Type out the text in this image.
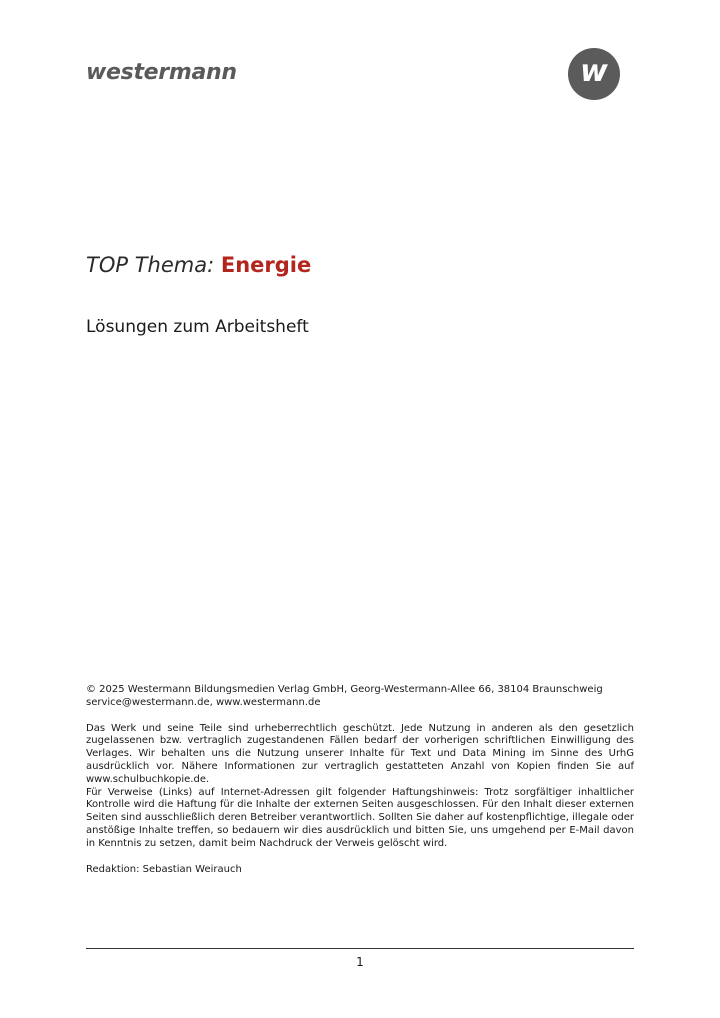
westermann	w
TOP Thema: Energie
Lösungen zum Arbeitsheft

© 2025 Westermann Bildungsmedien Verlag GmbH, Georg-Westermann-Allee 66, 38104 Braunschweig

service@westermann.de, www.westermann.de

Das Werk und seine Teile sind urheberrechtlich geschützt. Jede Nutzung in anderen als den gesetzlich zugelassenen bzw. vertraglich zugestandenen Fällen bedarf der vorherigen schriftlichen Einwilligung des Verlages. Wir behalten uns die Nutzung unserer Inhalte für Text und Data Mining im Sinne des UrhG ausdrücklich vor. Nähere Informationen zur vertraglich gestatteten Anzahl von Kopien finden Sie auf www.schulbuchkopie.de.

Für Verweise (Links) auf Internet-Adressen gilt folgender Haftungshinweis: Trotz sorgfältiger inhaltlicher Kontrolle wird die Haftung für die Inhalte der externen Seiten ausgeschlossen. Für den Inhalt dieser externen Seiten sind ausschließlich deren Betreiber verantwortlich. Sollten Sie daher auf kostenpflichtige, illegale oder anstößige Inhalte treffen, so bedauern wir dies ausdrücklich und bitten Sie, uns umgehend per E-Mail davon in Kenntnis zu setzen, damit beim Nachdruck der Verweis gelöscht wird.

Redaktion: Sebastian Weirauch

1
